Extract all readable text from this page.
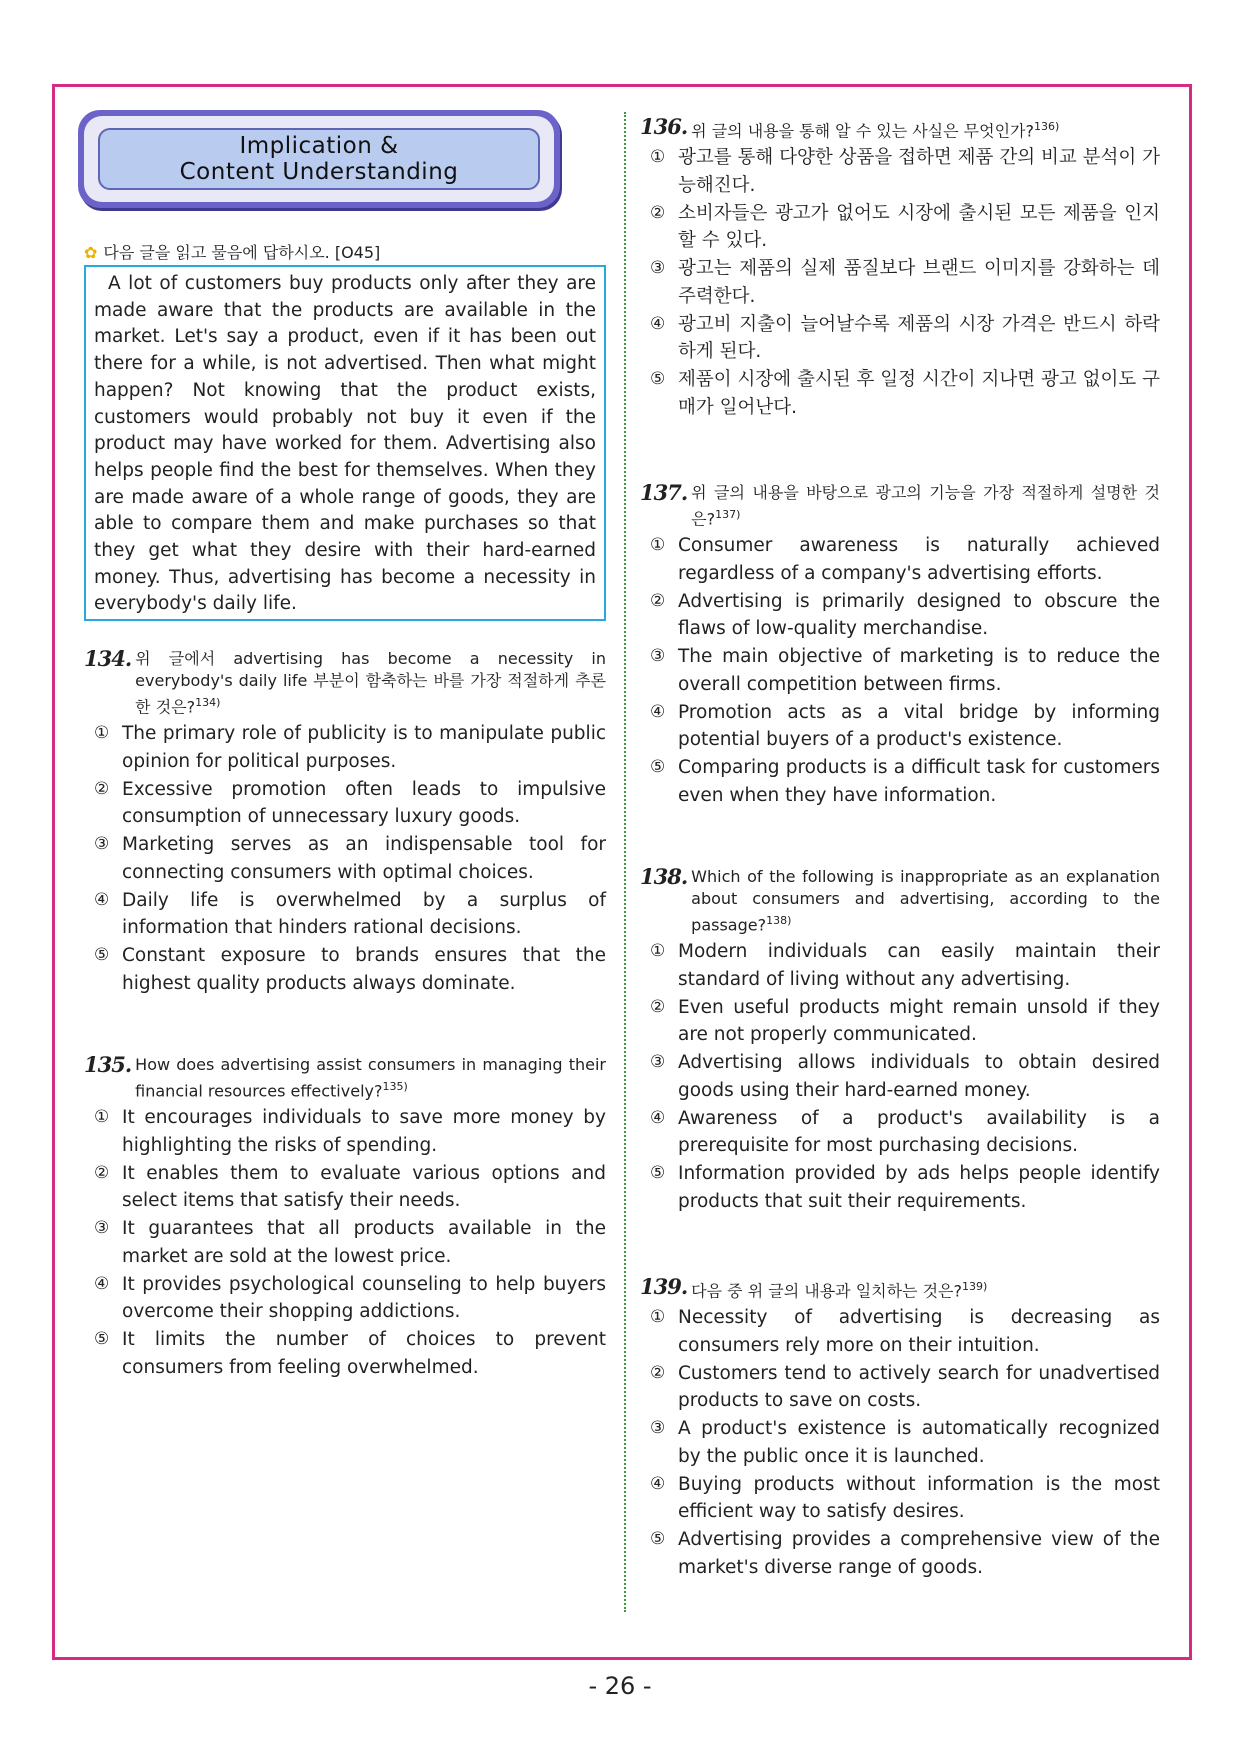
Implication &
Content Understanding
✿ 다음 글을 읽고 물음에 답하시오. [O45]

A lot of customers buy products only after they are made aware that the products are available in the market. Let's say a product, even if it has been out there for a while, is not advertised. Then what might happen? Not knowing that the product exists, customers would probably not buy it even if the product may have worked for them. Advertising also helps people find the best for themselves. When they are made aware of a whole range of goods, they are able to compare them and make purchases so that they get what they desire with their hard-earned money. Thus, advertising has become a necessity in everybody's daily life.

134. 위 글에서 advertising has become a necessity in everybody's daily life 부분이 함축하는 바를 가장 적절하게 추론한 것은?$^{134)}$
① The primary role of publicity is to manipulate public opinion for political purposes.
② Excessive promotion often leads to impulsive consumption of unnecessary luxury goods.
③ Marketing serves as an indispensable tool for connecting consumers with optimal choices.
④ Daily life is overwhelmed by a surplus of information that hinders rational decisions.
⑤ Constant exposure to brands ensures that the highest quality products always dominate.
135. How does advertising assist consumers in managing their financial resources effectively?$^{135)}$
① It encourages individuals to save more money by highlighting the risks of spending.
② It enables them to evaluate various options and select items that satisfy their needs.
③ It guarantees that all products available in the market are sold at the lowest price.
④ It provides psychological counseling to help buyers overcome their shopping addictions.
⑤ It limits the number of choices to prevent consumers from feeling overwhelmed.
136. 위 글의 내용을 통해 알 수 있는 사실은 무엇인가?$^{136)}$
① 광고를 통해 다양한 상품을 접하면 제품 간의 비교 분석이 가능해진다.
② 소비자들은 광고가 없어도 시장에 출시된 모든 제품을 인지할 수 있다.
③ 광고는 제품의 실제 품질보다 브랜드 이미지를 강화하는 데 주력한다.
④ 광고비 지출이 늘어날수록 제품의 시장 가격은 반드시 하락하게 된다.
⑤ 제품이 시장에 출시된 후 일정 시간이 지나면 광고 없이도 구매가 일어난다.
137. 위 글의 내용을 바탕으로 광고의 기능을 가장 적절하게 설명한 것은?$^{137)}$
① Consumer awareness is naturally achieved regardless of a company's advertising efforts.
② Advertising is primarily designed to obscure the flaws of low-quality merchandise.
③ The main objective of marketing is to reduce the overall competition between firms.
④ Promotion acts as a vital bridge by informing potential buyers of a product's existence.
⑤ Comparing products is a difficult task for customers even when they have information.
138. Which of the following is inappropriate as an explanation about consumers and advertising, according to the passage?$^{138)}$
① Modern individuals can easily maintain their standard of living without any advertising.
② Even useful products might remain unsold if they are not properly communicated.
③ Advertising allows individuals to obtain desired goods using their hard-earned money.
④ Awareness of a product's availability is a prerequisite for most purchasing decisions.
⑤ Information provided by ads helps people identify products that suit their requirements.
139. 다음 중 위 글의 내용과 일치하는 것은?$^{139)}$
① Necessity of advertising is decreasing as consumers rely more on their intuition.
② Customers tend to actively search for unadvertised products to save on costs.
③ A product's existence is automatically recognized by the public once it is launched.
④ Buying products without information is the most efficient way to satisfy desires.
⑤ Advertising provides a comprehensive view of the market's diverse range of goods.
- 26 -
